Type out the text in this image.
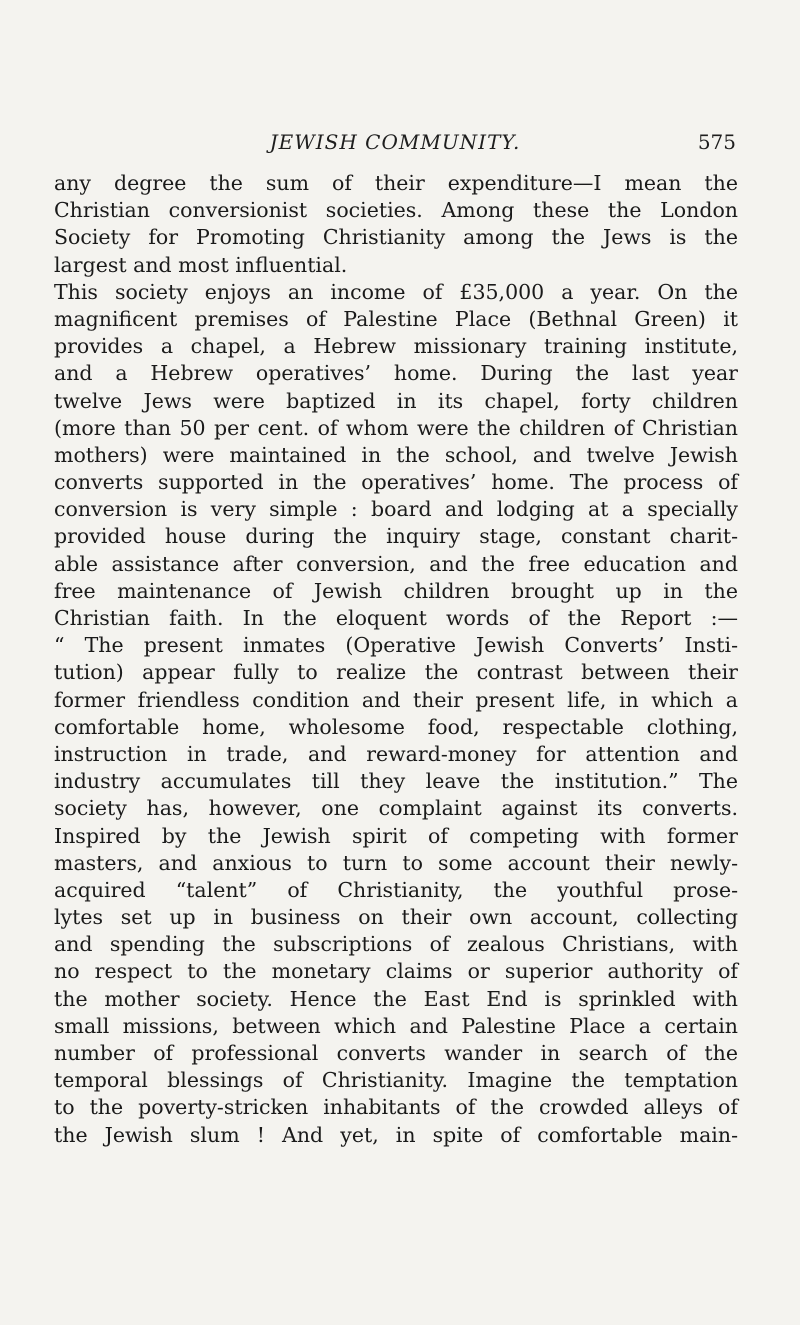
JEWISH COMMUNITY.	575
any degree the sum of their expenditure—I mean the
Christian conversionist societies. Among these the London
Society for Promoting Christianity among the Jews is the
largest and most influential.
This society enjoys an income of £35,000 a year. On the
magnificent premises of Palestine Place (Bethnal Green) it
provides a chapel, a Hebrew missionary training institute,
and a Hebrew operatives’ home. During the last year
twelve Jews were baptized in its chapel, forty children
(more than 50 per cent. of whom were the children of Christian
mothers) were maintained in the school, and twelve Jewish
converts supported in the operatives’ home. The process of
conversion is very simple : board and lodging at a specially
provided house during the inquiry stage, constant charit-
able assistance after conversion, and the free education and
free maintenance of Jewish children brought up in the
Christian faith. In the eloquent words of the Report :—
“ The present inmates (Operative Jewish Converts’ Insti-
tution) appear fully to realize the contrast between their
former friendless condition and their present life, in which a
comfortable home, wholesome food, respectable clothing,
instruction in trade, and reward-money for attention and
industry accumulates till they leave the institution.” The
society has, however, one complaint against its converts.
Inspired by the Jewish spirit of competing with former
masters, and anxious to turn to some account their newly-
acquired “talent” of Christianity, the youthful prose-
lytes set up in business on their own account, collecting
and spending the subscriptions of zealous Christians, with
no respect to the monetary claims or superior authority of
the mother society. Hence the East End is sprinkled with
small missions, between which and Palestine Place a certain
number of professional converts wander in search of the
temporal blessings of Christianity. Imagine the temptation
to the poverty-stricken inhabitants of the crowded alleys of
the Jewish slum ! And yet, in spite of comfortable main-
